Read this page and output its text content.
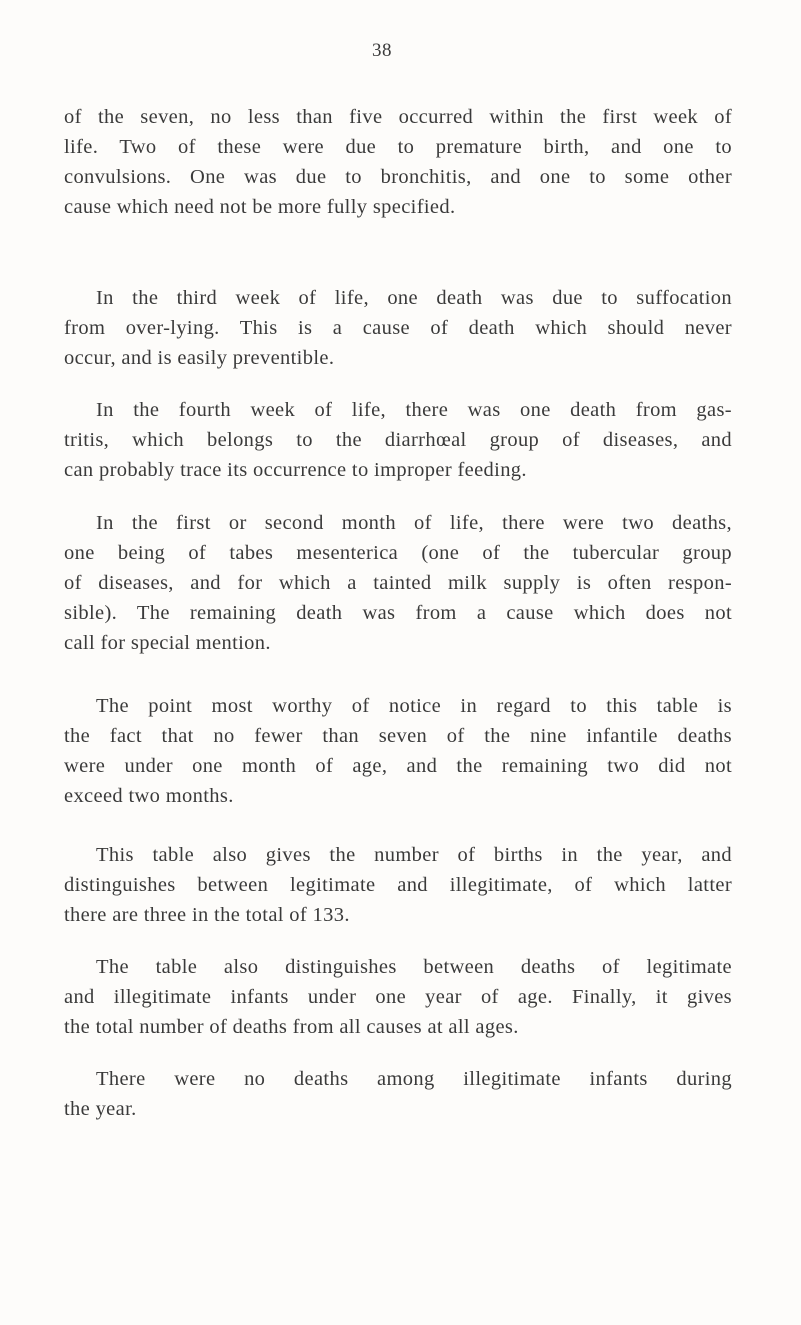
38

of the seven, no less than five occurred within the first week of
life. Two of these were due to premature birth, and one to
convulsions. One was due to bronchitis, and one to some other
cause which need not be more fully specified.

In the third week of life, one death was due to suffocation
from over-lying. This is a cause of death which should never
occur, and is easily preventible.

In the fourth week of life, there was one death from gas-
tritis, which belongs to the diarrhœal group of diseases, and
can probably trace its occurrence to improper feeding.

In the first or second month of life, there were two deaths,
one being of tabes mesenterica (one of the tubercular group
of diseases, and for which a tainted milk supply is often respon-
sible). The remaining death was from a cause which does not
call for special mention.

The point most worthy of notice in regard to this table is
the fact that no fewer than seven of the nine infantile deaths
were under one month of age, and the remaining two did not
exceed two months.

This table also gives the number of births in the year, and
distinguishes between legitimate and illegitimate, of which latter
there are three in the total of 133.

The table also distinguishes between deaths of legitimate
and illegitimate infants under one year of age. Finally, it gives
the total number of deaths from all causes at all ages.

There were no deaths among illegitimate infants during
the year.
